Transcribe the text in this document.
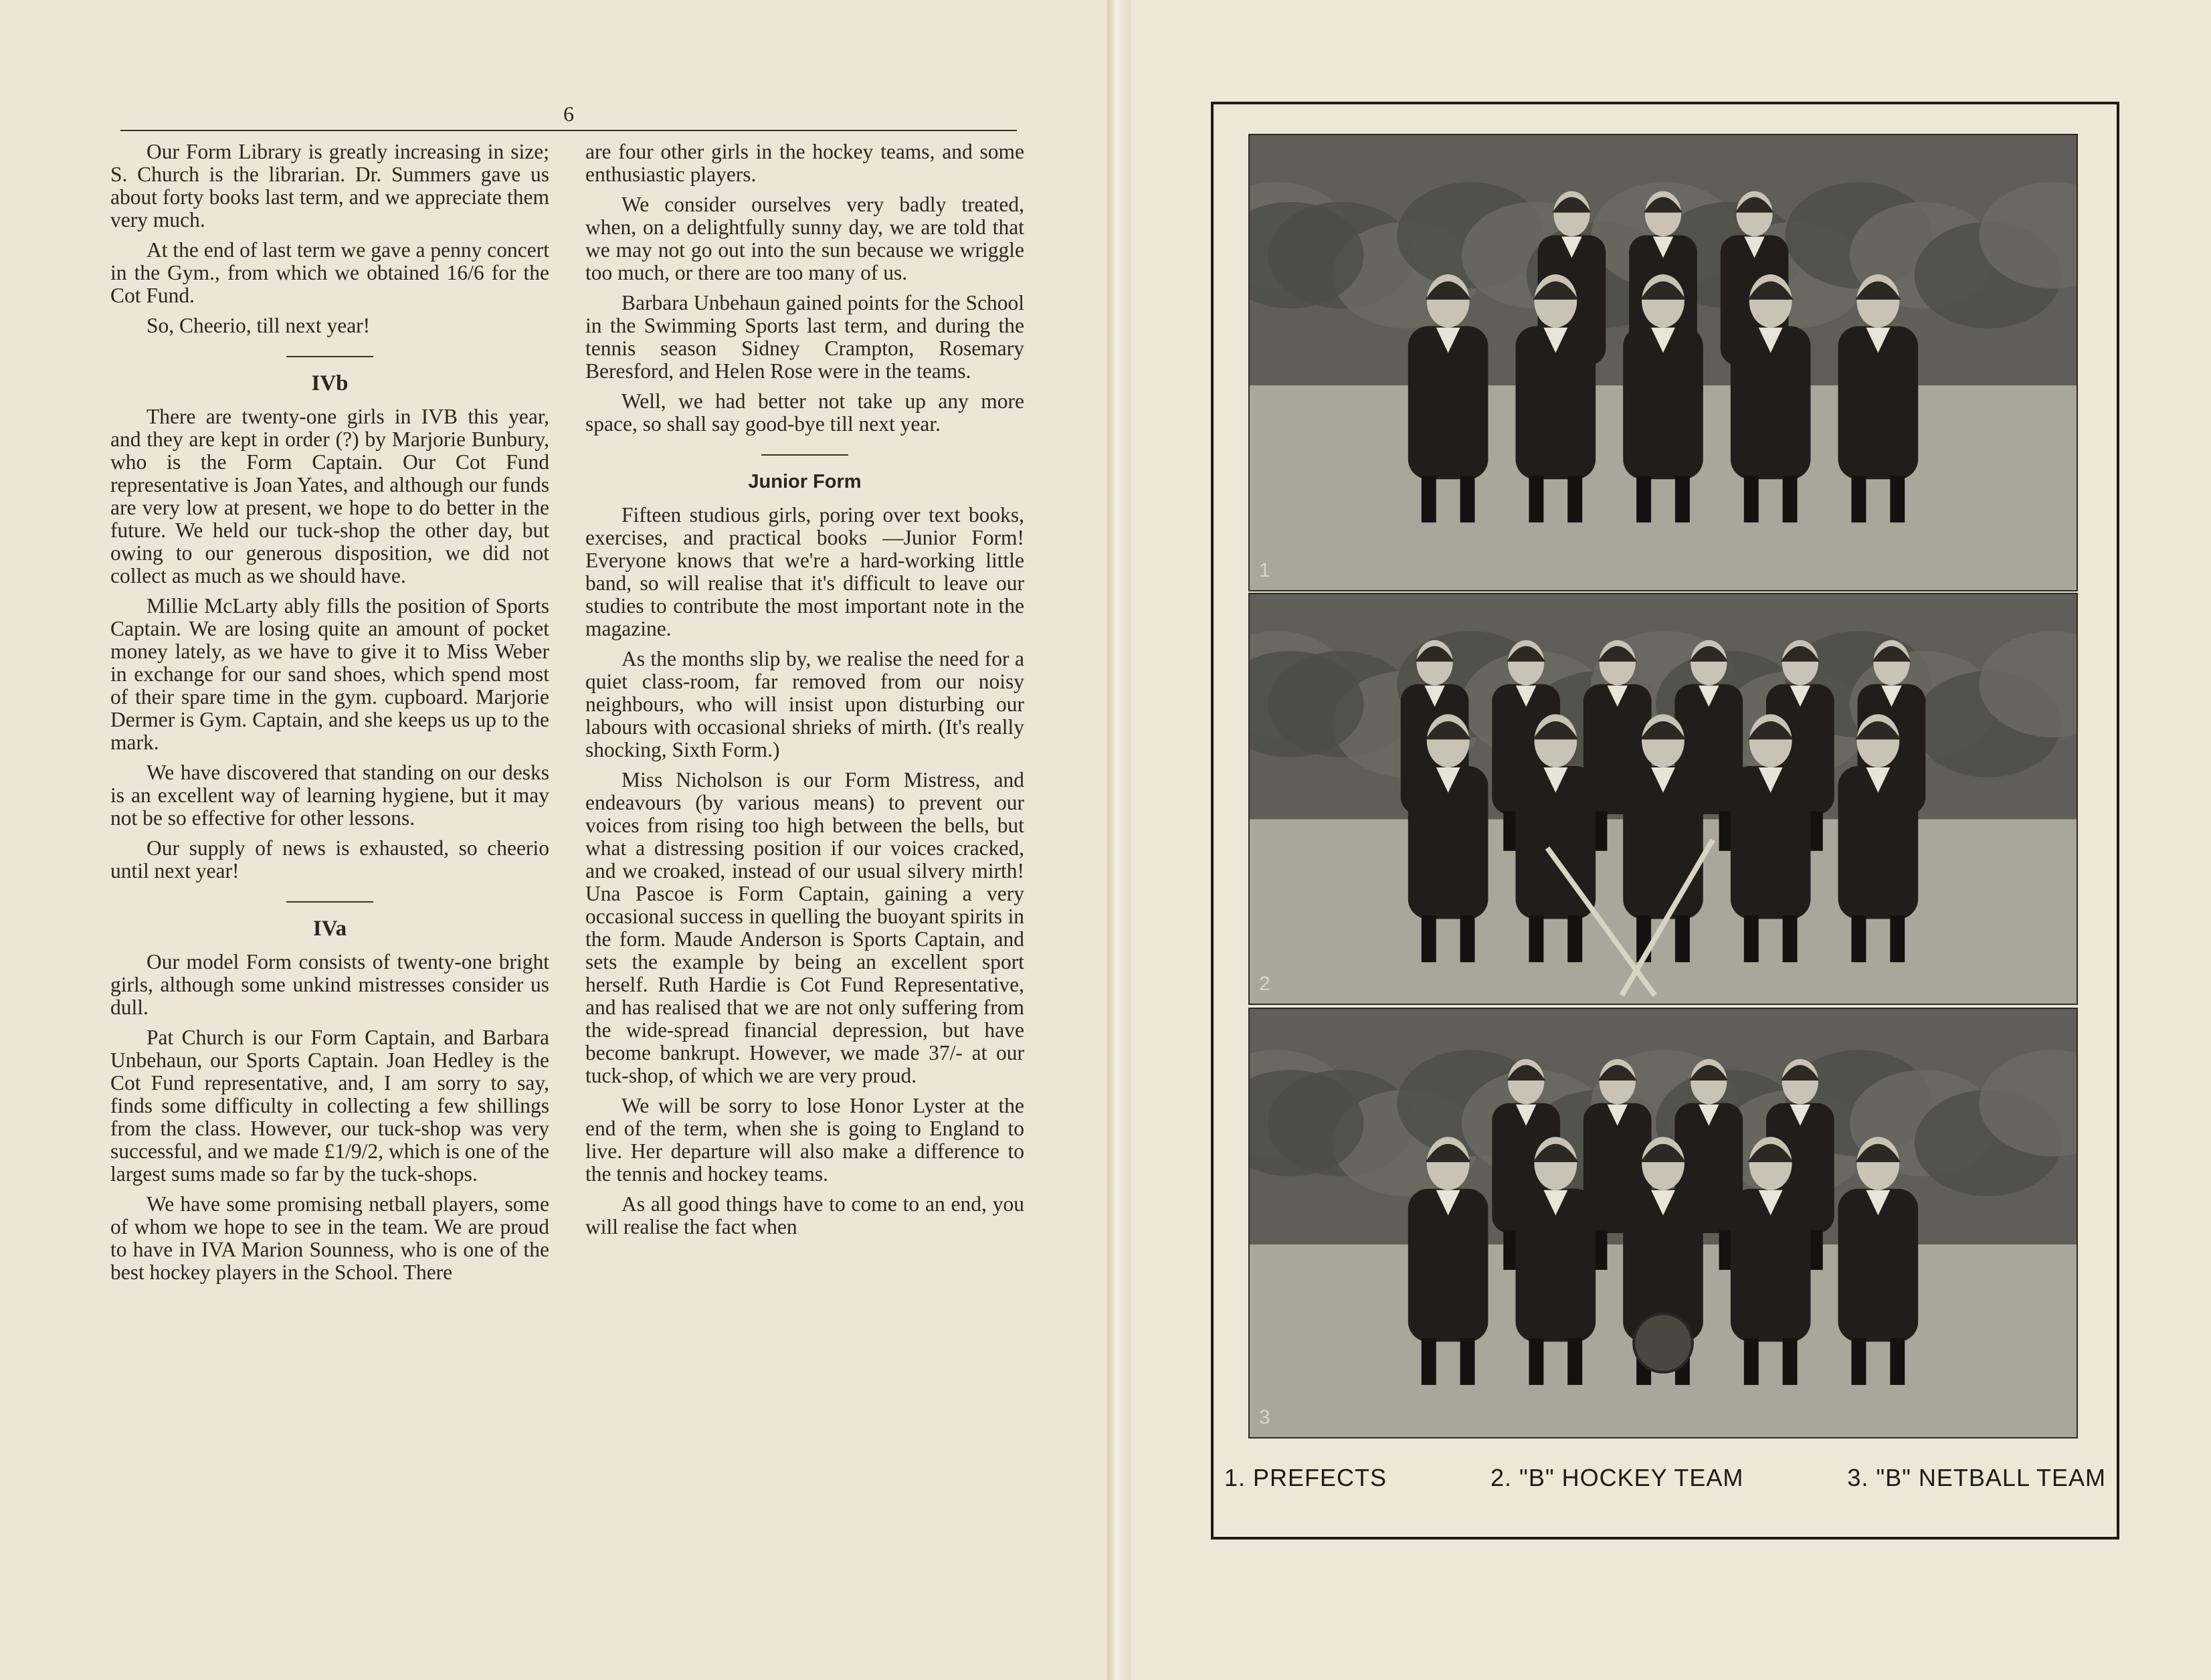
6

Our Form Library is greatly increasing in size; S. Church is the librarian. Dr. Summers gave us about forty books last term, and we appreciate them very much.

At the end of last term we gave a penny concert in the Gym., from which we obtained 16/6 for the Cot Fund.

So, Cheerio, till next year!

IVb

There are twenty-one girls in IVB this year, and they are kept in order (?) by Marjorie Bunbury, who is the Form Captain. Our Cot Fund representative is Joan Yates, and although our funds are very low at present, we hope to do better in the future. We held our tuck-shop the other day, but owing to our generous disposition, we did not collect as much as we should have.

Millie McLarty ably fills the position of Sports Captain. We are losing quite an amount of pocket money lately, as we have to give it to Miss Weber in exchange for our sand shoes, which spend most of their spare time in the gym. cupboard. Marjorie Dermer is Gym. Captain, and she keeps us up to the mark.

We have discovered that standing on our desks is an excellent way of learning hygiene, but it may not be so effective for other lessons.

Our supply of news is exhausted, so cheerio until next year!

IVa

Our model Form consists of twenty-one bright girls, although some unkind mistresses consider us dull.

Pat Church is our Form Captain, and Barbara Unbehaun, our Sports Captain. Joan Hedley is the Cot Fund representative, and, I am sorry to say, finds some difficulty in collecting a few shillings from the class. However, our tuck-shop was very successful, and we made £1/9/2, which is one of the largest sums made so far by the tuck-shops.

We have some promising netball players, some of whom we hope to see in the team. We are proud to have in IVA Marion Sounness, who is one of the best hockey players in the School. There

are four other girls in the hockey teams, and some enthusiastic players.

We consider ourselves very badly treated, when, on a delightfully sunny day, we are told that we may not go out into the sun because we wriggle too much, or there are too many of us.

Barbara Unbehaun gained points for the School in the Swimming Sports last term, and during the tennis season Sidney Crampton, Rosemary Beresford, and Helen Rose were in the teams.

Well, we had better not take up any more space, so shall say good-bye till next year.

Junior Form

Fifteen studious girls, poring over text books, exercises, and practical books —Junior Form! Everyone knows that we're a hard-working little band, so will realise that it's difficult to leave our studies to contribute the most important note in the magazine.

As the months slip by, we realise the need for a quiet class-room, far removed from our noisy neighbours, who will insist upon disturbing our labours with occasional shrieks of mirth. (It's really shocking, Sixth Form.)

Miss Nicholson is our Form Mistress, and endeavours (by various means) to prevent our voices from rising too high between the bells, but what a distressing position if our voices cracked, and we croaked, instead of our usual silvery mirth! Una Pascoe is Form Captain, gaining a very occasional success in quelling the buoyant spirits in the form. Maude Anderson is Sports Captain, and sets the example by being an excellent sport herself. Ruth Hardie is Cot Fund Representative, and has realised that we are not only suffering from the wide-spread financial depression, but have become bankrupt. However, we made 37/- at our tuck-shop, of which we are very proud.

We will be sorry to lose Honor Lyster at the end of the term, when she is going to England to live. Her departure will also make a difference to the tennis and hockey teams.

As all good things have to come to an end, you will realise the fact when

1
2
3
1. PREFECTS	2. "B" HOCKEY TEAM	3. "B" NETBALL TEAM
